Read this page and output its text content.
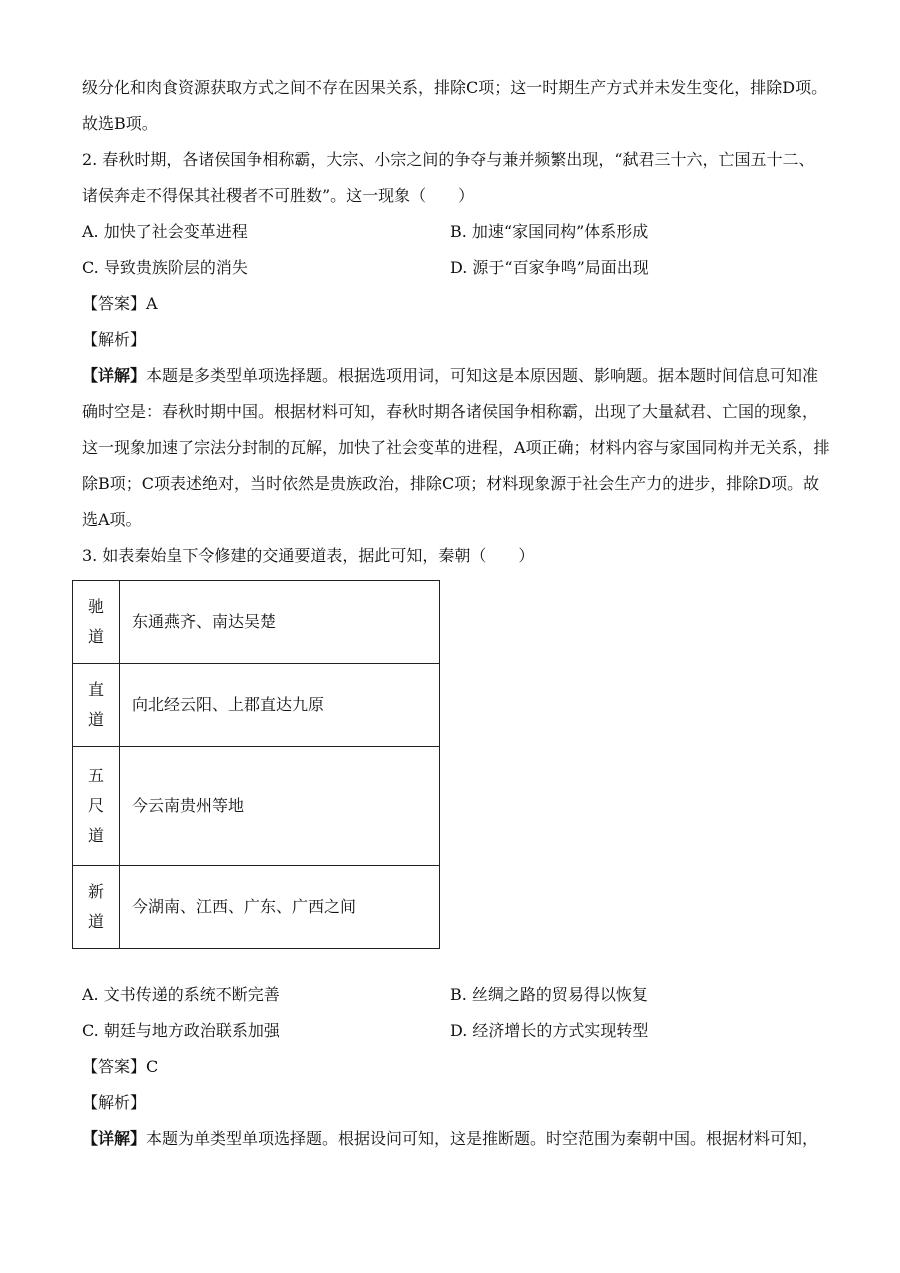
级分化和肉食资源获取方式之间不存在因果关系，排除C项；这一时期生产方式并未发生变化，排除D项。
故选B项。
2. 春秋时期，各诸侯国争相称霸，大宗、小宗之间的争夺与兼并频繁出现，“弑君三十六，亡国五十二、
诸侯奔走不得保其社稷者不可胜数”。这一现象（　　）
A. 加快了社会变革进程	B. 加速“家国同构”体系形成
C. 导致贵族阶层的消失	D. 源于“百家争鸣”局面出现
【答案】A
【解析】
【详解】本题是多类型单项选择题。根据选项用词，可知这是本原因题、影响题。据本题时间信息可知准
确时空是：春秋时期中国。根据材料可知，春秋时期各诸侯国争相称霸，出现了大量弑君、亡国的现象，
这一现象加速了宗法分封制的瓦解，加快了社会变革的进程，A项正确；材料内容与家国同构并无关系，排
除B项；C项表述绝对，当时依然是贵族政治，排除C项；材料现象源于社会生产力的进步，排除D项。故
选A项。
3. 如表秦始皇下令修建的交通要道表，据此可知，秦朝（　　）
驰
道	东通燕齐、南达吴楚

直
道	向北经云阳、上郡直达九原

五
尺
道	今云南贵州等地

新
道	今湖南、江西、广东、广西之间
A. 文书传递的系统不断完善	B. 丝绸之路的贸易得以恢复
C. 朝廷与地方政治联系加强	D. 经济增长的方式实现转型
【答案】C
【解析】
【详解】本题为单类型单项选择题。根据设问可知，这是推断题。时空范围为秦朝中国。根据材料可知，
